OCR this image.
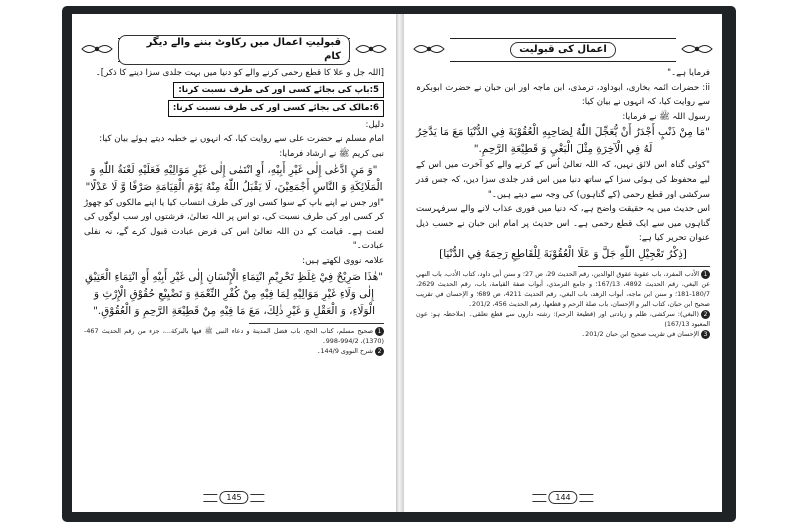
قبولیتِ اعمال میں رکاوٹ بننے والے دیگر کام

[اللہ جل و علا کا قطع رحمی کرنے والے کو دنیا میں بہت جلدی سزا دینے کا ذکر]۔

5:باپ کی بجائے کسی اور کی طرف نسبت کرنا:

6:مالک کی بجائے کسی اور کی طرف نسبت کرنا:

دلیل:

امام مسلم نے حضرت علی سے روایت کیا، کہ انہوں نے خطبہ دیتے ہوئے بیان کیا:

نبی کریم ﷺ نے ارشاد فرمایا:

"وَ مَنِ ادَّعٰى إِلٰى غَيْرِ أَبِيْهِ، أَوِ انْتَمٰى إِلٰى غَيْرِ مَوَالِيْهِ فَعَلَيْهِ لَعْنَةُ اللّٰهِ وَ الْمَلَائِكَةِ وَ النَّاسِ أَجْمَعِيْنَ، لَا يَقْبَلُ اللّٰهُ مِنْهُ يَوْمَ الْقِيَامَةِ صَرْفًا وَّ لَا عَدْلًا"

"اور جس نے اپنے باپ کے سوا کسی اور کی طرف انتساب کیا یا اپنے مالکوں کو چھوڑ کر کسی اور کی طرف نسبت کی، تو اس پر اللہ تعالیٰ، فرشتوں اور سب لوگوں کی لعنت ہے۔ قیامت کے دن اللہ تعالیٰ اس کی فرض عبادت قبول کرے گے، نہ نفلی عبادت۔"

علامہ نووی لکھتے ہیں:

"هٰذَا صَرِيْحٌ فِيْ غِلَظِ تَحْرِيْمِ انْتِمَاءِ الْإِنْسَانِ إِلٰى غَيْرِ أَبِيْهِ أَوِ انْتِمَاءِ الْعَتِيْقِ إِلٰى وَلَاءِ غَيْرِ مَوَالِيْهِ لِمَا فِيْهِ مِنْ كُفْرِ النِّعْمَةِ وَ تَضْيِيْعِ حُقُوْقِ الْإِرْثِ وَ الْوَلَاءِ، وَ الْعَقْلِ وَ غَيْرِ ذٰلِكَ، مَعَ مَا فِيْهِ مِنْ قَطِيْعَةِ الرَّحِمِ وَ الْعُقُوْقِ."

1صحیح مسلم، کتاب الحج، باب فضل المدینة و دعاء النبی ﷺ فیها بالبرکة...، جزء من رقم الحدیث 467-(1370)، 994/2-998۔

2شرح النووی 144/9۔

145
اعمال کی قبولیت

فرمایا ہے۔"

ii: حضرات ائمہ بخاری، ابوداود، ترمذی، ابن ماجہ اور ابن حبان نے حضرت ابوبکرہ سے روایت کیا، کہ انہوں نے بیان کیا:

رسول اللہ ﷺ نے فرمایا:

"مَا مِنْ ذَنْبٍ أَجْدَرُ أَنْ يُّعَجِّلَ اللّٰهُ لِصَاحِبِهِ الْعُقُوْبَةَ فِي الدُّنْيَا مَعَ مَا يَدَّخِرُ لَهُ فِي الْآخِرَةِ مِثْلَ الْبَغْيِ وَ قَطِيْعَةِ الرَّحِمِ."

"کوئی گناہ اس لائق نہیں، کہ اللہ تعالیٰ اُس کے کرنے والے کو آخرت میں اس کے لیے محفوظ کی ہوئی سزا کے ساتھ دنیا میں اس قدر جلدی سزا دیں، کہ جس قدر سرکشی اور قطع رحمی (کے گناہوں) کی وجہ سے دیتے ہیں۔"

اس حدیث میں یہ حقیقت واضح ہے، کہ دنیا میں فوری عذاب لانے والے سرفہرست گناہوں میں سے ایک قطع رحمی ہے۔ اس حدیث پر امام ابن حبان نے حسب ذیل عنوان تحریر کیا ہے:

[ذِكْرُ تَعْجِيْلِ اللّٰهِ جَلَّ وَ عَلَا الْعُقُوْبَةَ لِلْقَاطِعِ رَحِمَهُ فِي الدُّنْيَا]

1الأدب المفرد، باب عقوبة عقوق الوالدین، رقم الحدیث 29، ص 27؛ و سنن أبي داود، کتاب الأدب، باب النهي عن البغي، رقم الحدیث 4892، 167/13؛ و جامع الترمذي، أبواب صفة القیامة، باب، رقم الحدیث 2629، 180/7-181؛ و سنن ابن ماجه، أبواب الزهد، باب البغي، رقم الحدیث 4211، ص 689؛ و الإحسان في تقریب صحیح ابن حبان، کتاب البر و الإحسان، باب صلة الرحم و قطعها، رقم الحدیث 456، 201/2۔

2(البغي): سرکشی، ظلم و زیادتی اور (قطیعة الرحم): رشتہ داروں سے قطع تعلقی۔ (ملاحظہ ہو: عون المعبود 167/13)

3الإحسان في تقریب صحیح ابن حبان 201/2۔

144
